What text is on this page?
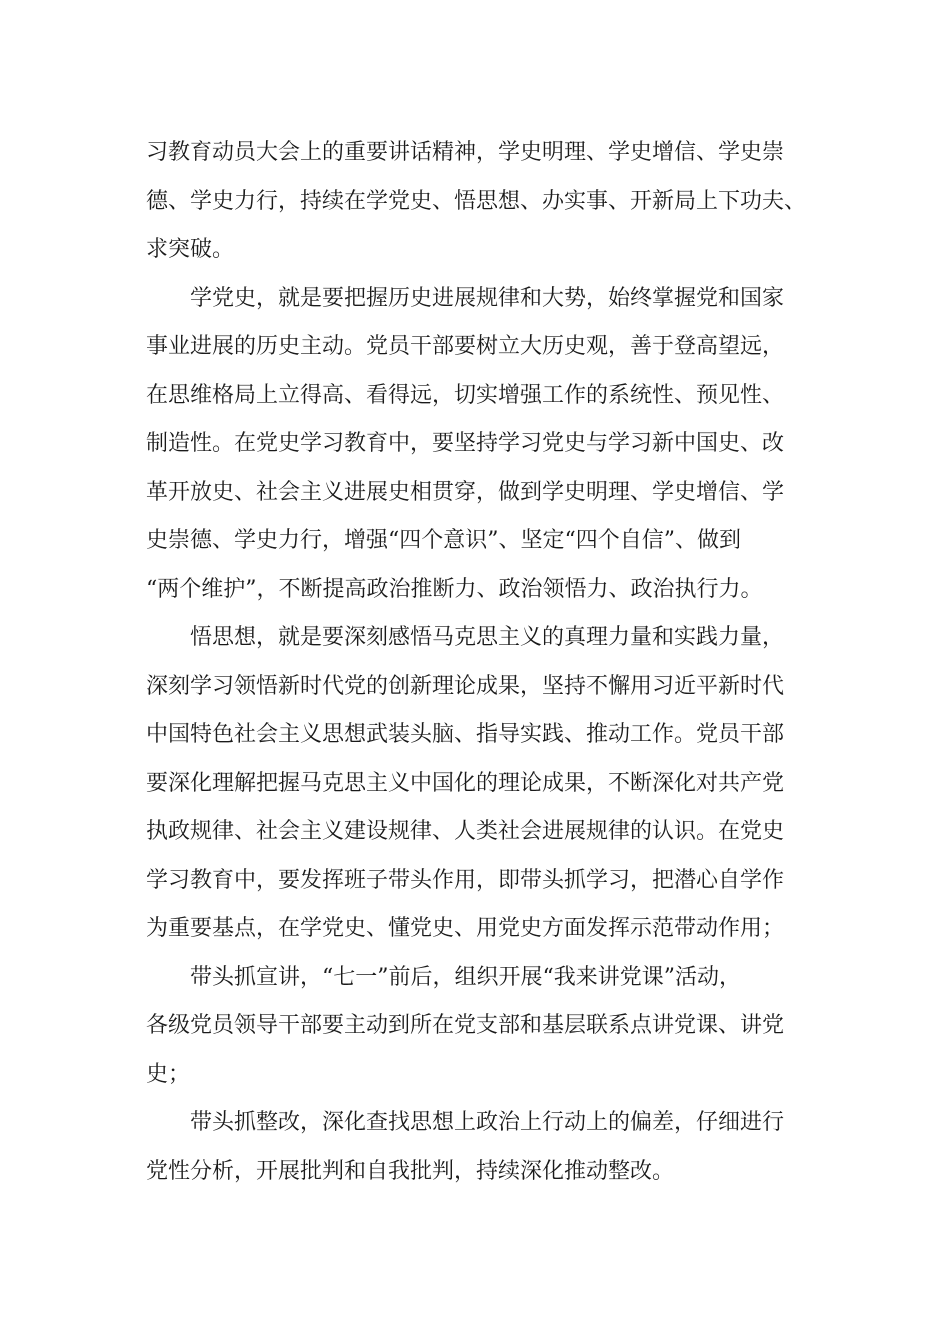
习教育动员大会上的重要讲话精神，学史明理、学史增信、学史崇
德、学史力行，持续在学党史、悟思想、办实事、开新局上下功夫、
求突破。
学党史，就是要把握历史进展规律和大势，始终掌握党和国家
事业进展的历史主动。党员干部要树立大历史观，善于登高望远，
在思维格局上立得高、看得远，切实增强工作的系统性、预见性、
制造性。在党史学习教育中，要坚持学习党史与学习新中国史、改
革开放史、社会主义进展史相贯穿，做到学史明理、学史增信、学
史崇德、学史力行，增强“四个意识”、坚定“四个自信”、做到
“两个维护”，不断提高政治推断力、政治领悟力、政治执行力。
悟思想，就是要深刻感悟马克思主义的真理力量和实践力量，
深刻学习领悟新时代党的创新理论成果，坚持不懈用习近平新时代
中国特色社会主义思想武装头脑、指导实践、推动工作。党员干部
要深化理解把握马克思主义中国化的理论成果，不断深化对共产党
执政规律、社会主义建设规律、人类社会进展规律的认识。在党史
学习教育中，要发挥班子带头作用，即带头抓学习，把潜心自学作
为重要基点，在学党史、懂党史、用党史方面发挥示范带动作用；
带头抓宣讲，“七一”前后，组织开展“我来讲党课”活动，
各级党员领导干部要主动到所在党支部和基层联系点讲党课、讲党
史；
带头抓整改，深化查找思想上政治上行动上的偏差，仔细进行
党性分析，开展批判和自我批判，持续深化推动整改。
